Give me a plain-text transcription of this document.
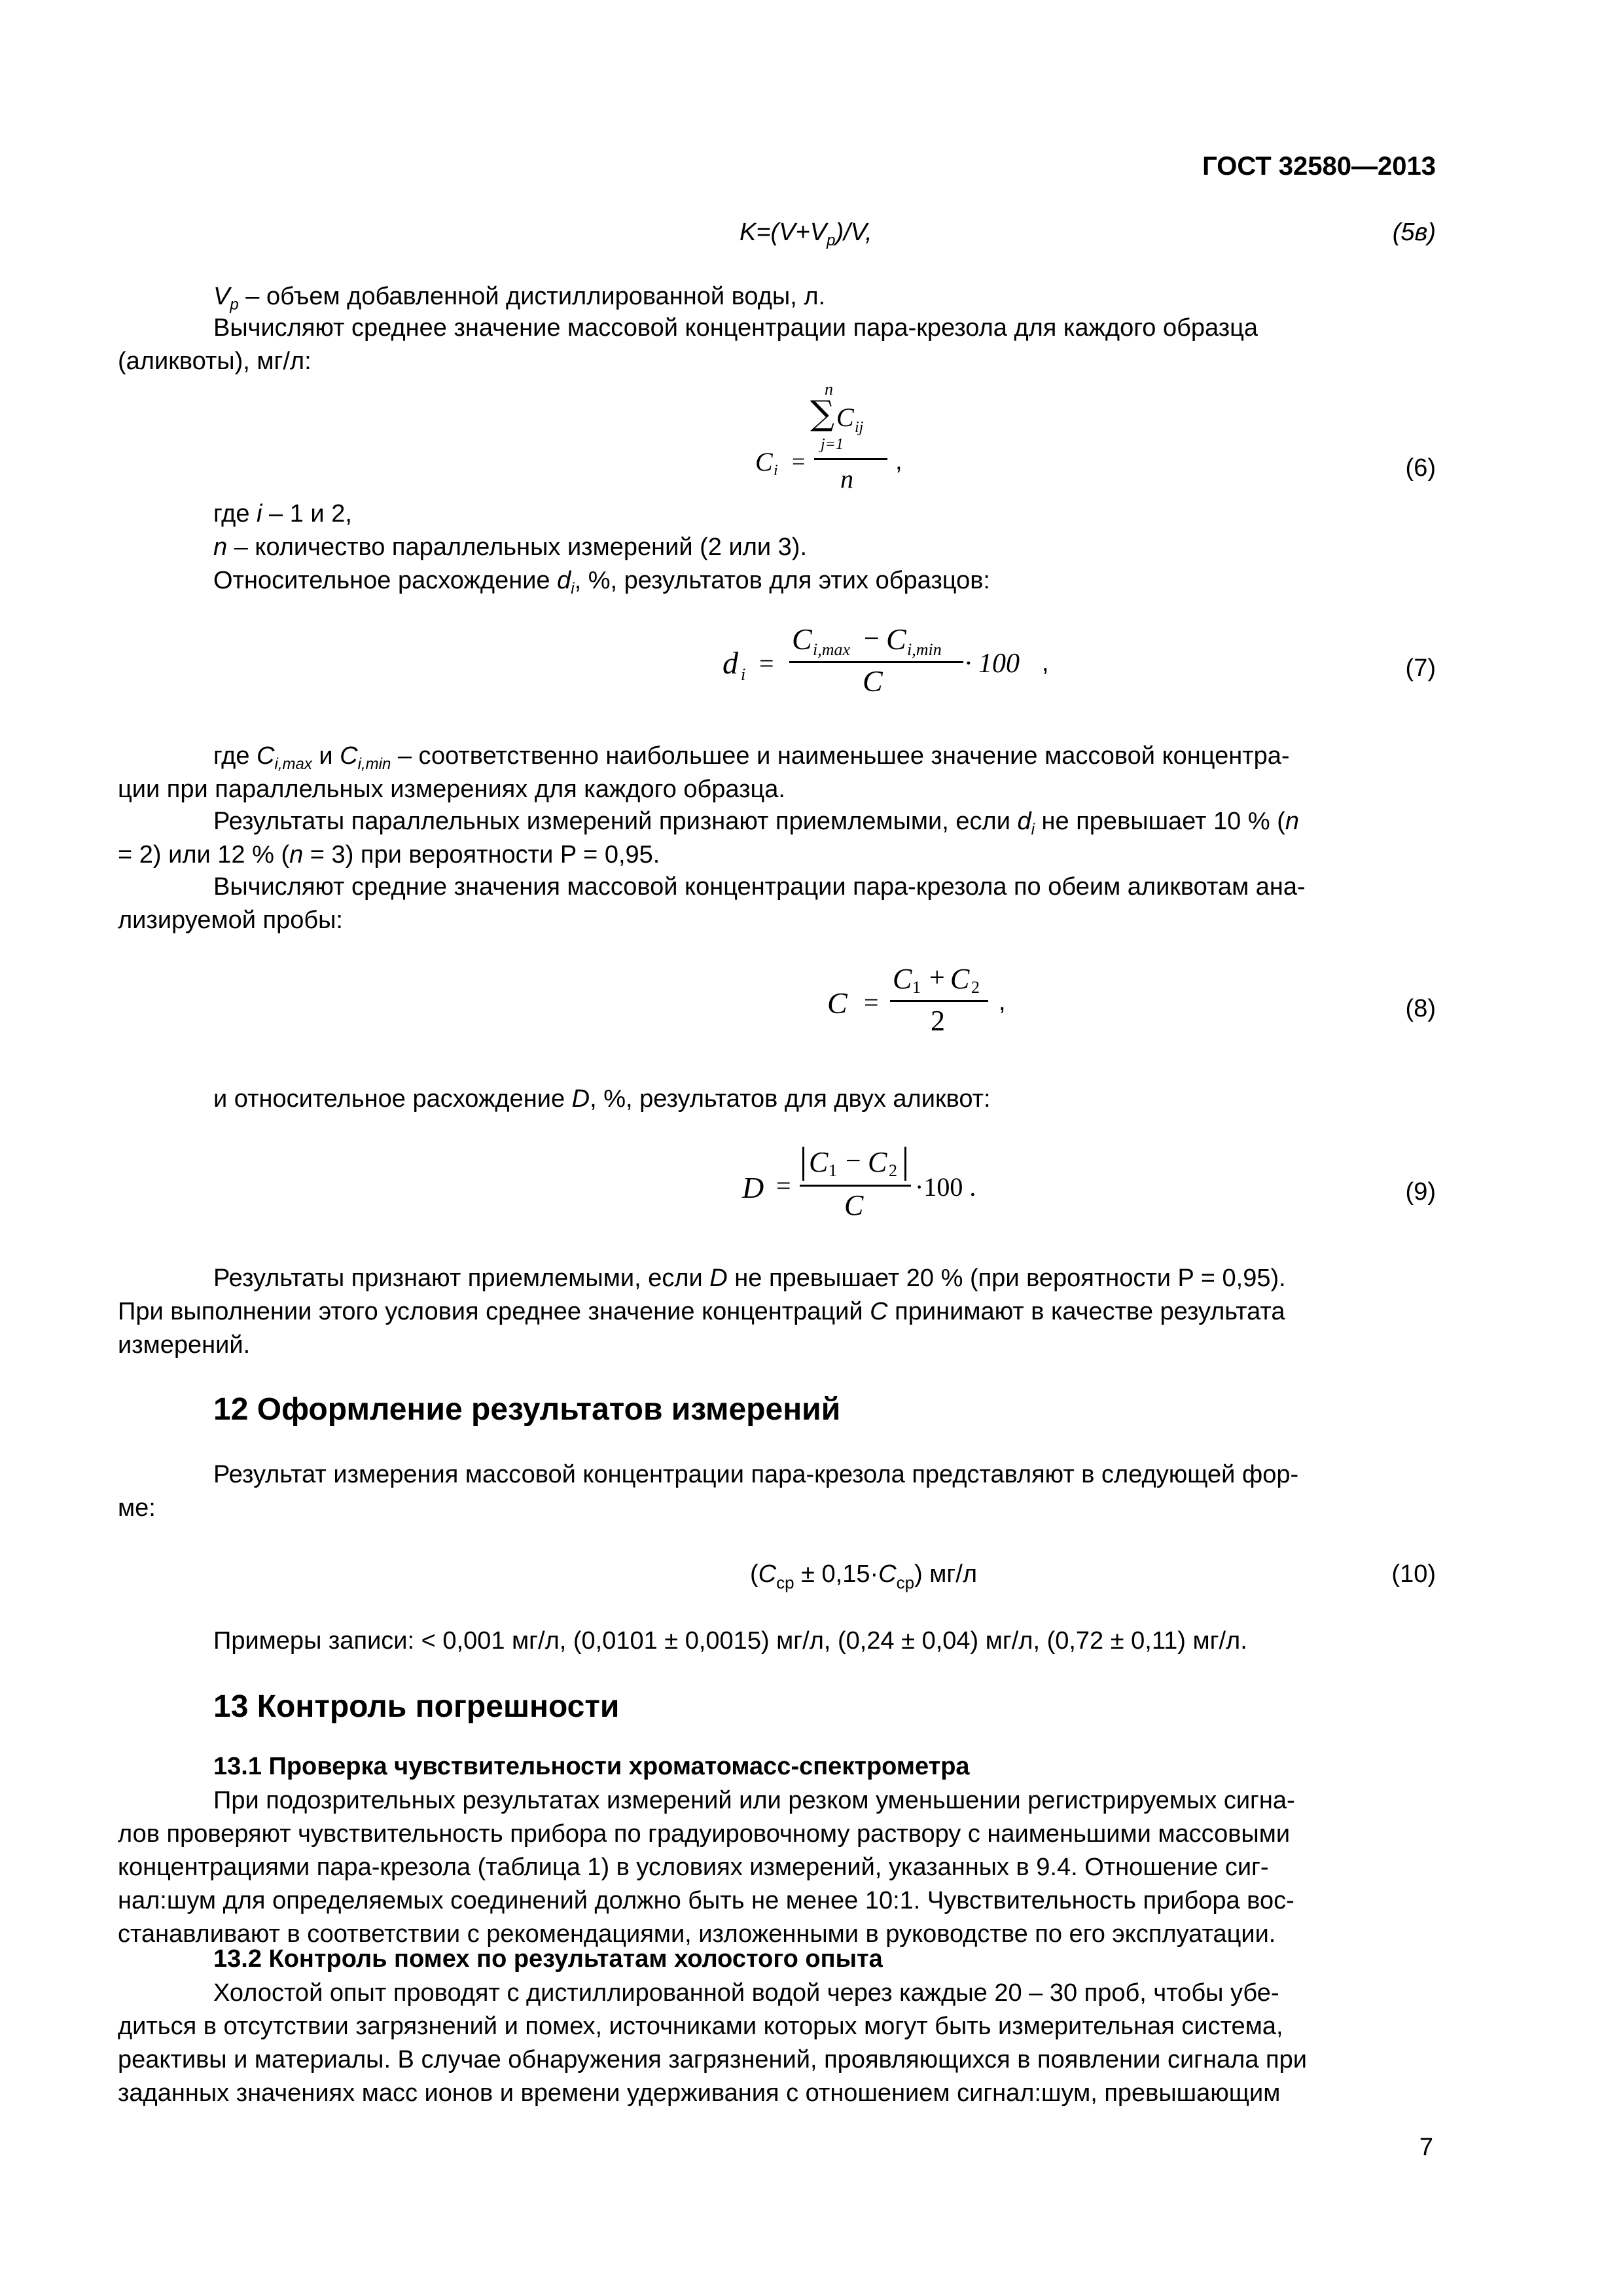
ГОСТ 32580—2013
$K=(V+V_p)/V$,	(5в)
$V_p$ – объем добавленной дистиллированной воды, л.
Вычисляют среднее значение массовой концентрации пара-крезола для каждого образца
(аликвоты), мг/л:
n
∑ C ij
j=1
C i =
n
,	(6)
где i – 1 и 2,
n – количество параллельных измерений (2 или 3).
Относительное расхождение $d_i$, %, результатов для этих образцов:
d i =
C i,max − C i,min
C
· 100 ,	(7)
где $C_{i,max}$ и $C_{i,min}$ – соответственно наибольшее и наименьшее значение массовой концентра-
ции при параллельных измерениях для каждого образца.
Результаты параллельных измерений признают приемлемыми, если $d_i$ не превышает 10 % (n
= 2) или 12 % (n = 3) при вероятности P = 0,95.
Вычисляют средние значения массовой концентрации пара-крезола по обеим аликвотам ана-
лизируемой пробы:
C =
C 1 + C 2
2
,	(8)
и относительное расхождение D, %, результатов для двух аликвот:
D =
C 1 − C 2
C
·100 .	(9)
Результаты признают приемлемыми, если D не превышает 20 % (при вероятности P = 0,95).
При выполнении этого условия среднее значение концентраций C принимают в качестве результата
измерений.
12 Оформление результатов измерений
Результат измерения массовой концентрации пара-крезола представляют в следующей фор-
ме:
$(C_{ср} \pm 0,15\cdot C_{ср})$ мг/л	(10)
Примеры записи: < 0,001 мг/л, (0,0101 ± 0,0015) мг/л, (0,24 ± 0,04) мг/л, (0,72 ± 0,11) мг/л.
13 Контроль погрешности
13.1 Проверка чувствительности хроматомасс-спектрометра
При подозрительных результатах измерений или резком уменьшении регистрируемых сигна-
лов проверяют чувствительность прибора по градуировочному раствору с наименьшими массовыми
концентрациями пара-крезола (таблица 1) в условиях измерений, указанных в 9.4. Отношение сиг-
нал:шум для определяемых соединений должно быть не менее 10:1. Чувствительность прибора вос-
станавливают в соответствии с рекомендациями, изложенными в руководстве по его эксплуатации.
13.2 Контроль помех по результатам холостого опыта
Холостой опыт проводят с дистиллированной водой через каждые 20 – 30 проб, чтобы убе-
диться в отсутствии загрязнений и помех, источниками которых могут быть измерительная система,
реактивы и материалы. В случае обнаружения загрязнений, проявляющихся в появлении сигнала при
заданных значениях масс ионов и времени удерживания с отношением сигнал:шум, превышающим
7
